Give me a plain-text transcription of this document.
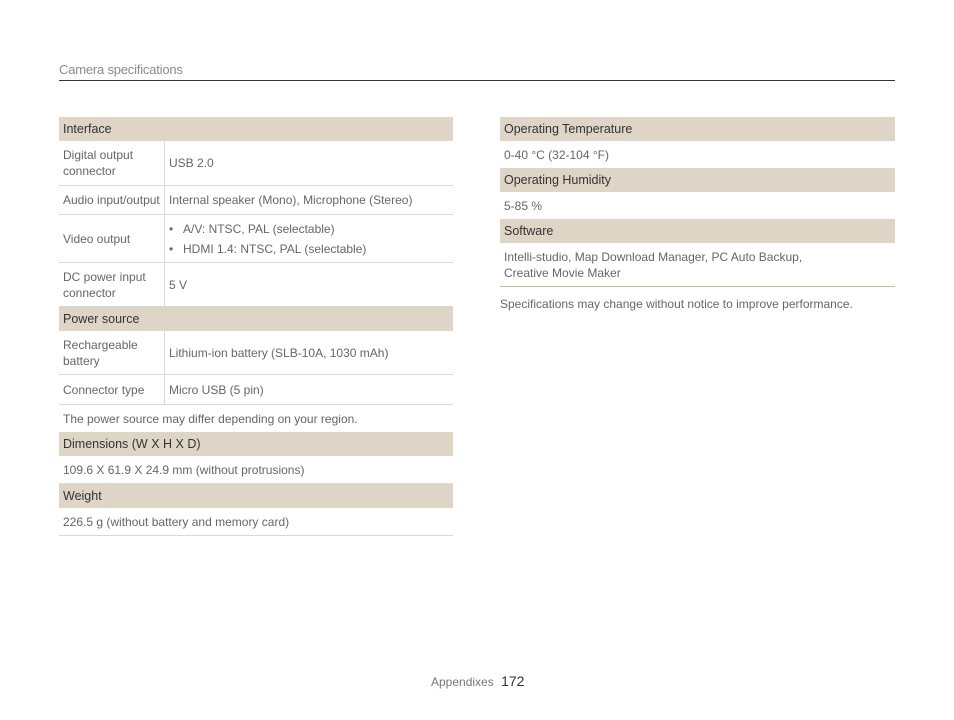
Camera specifications
Interface
Digital output connector
USB 2.0
Audio input/output Internal speaker (Mono), Microphone (Stereo)
Video output
• A/V: NTSC, PAL (selectable)
• HDMI 1.4: NTSC, PAL (selectable)
DC power input connector
5 V
Power source
Rechargeable battery
Lithium-ion battery (SLB-10A, 1030 mAh)
Connector type	Micro USB (5 pin)
The power source may differ depending on your region.
Dimensions (W X H X D)
109.6 X 61.9 X 24.9 mm (without protrusions)
Weight
226.5 g (without battery and memory card)
Operating Temperature
0-40 °C (32-104 °F)
Operating Humidity
5-85 %
Software
Intelli-studio, Map Download Manager, PC Auto Backup,
Creative Movie Maker
Specifications may change without notice to improve performance.
Appendixes 172
